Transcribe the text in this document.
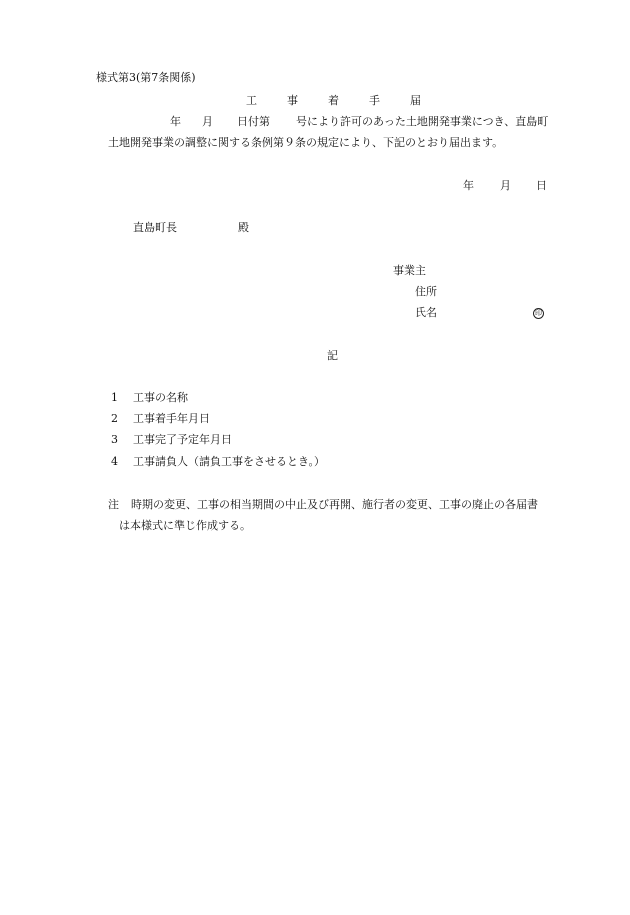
様式第3(第7条関係)
工	事	着	手	届
年 月 日付第 号により許可のあった土地開発事業につき、直島町
土地開発事業の調整に関する条例第９条の規定により、下記のとおり届出ます。
年 月 日
直島町長	殿
事業主
住所
氏名	印
記
1 工事の名称
2 工事着手年月日
3 工事完了予定年月日
4 工事請負人（請負工事をさせるとき。）
注 時期の変更、工事の相当期間の中止及び再開、施行者の変更、工事の廃止の各届書
は本様式に準じ作成する。
